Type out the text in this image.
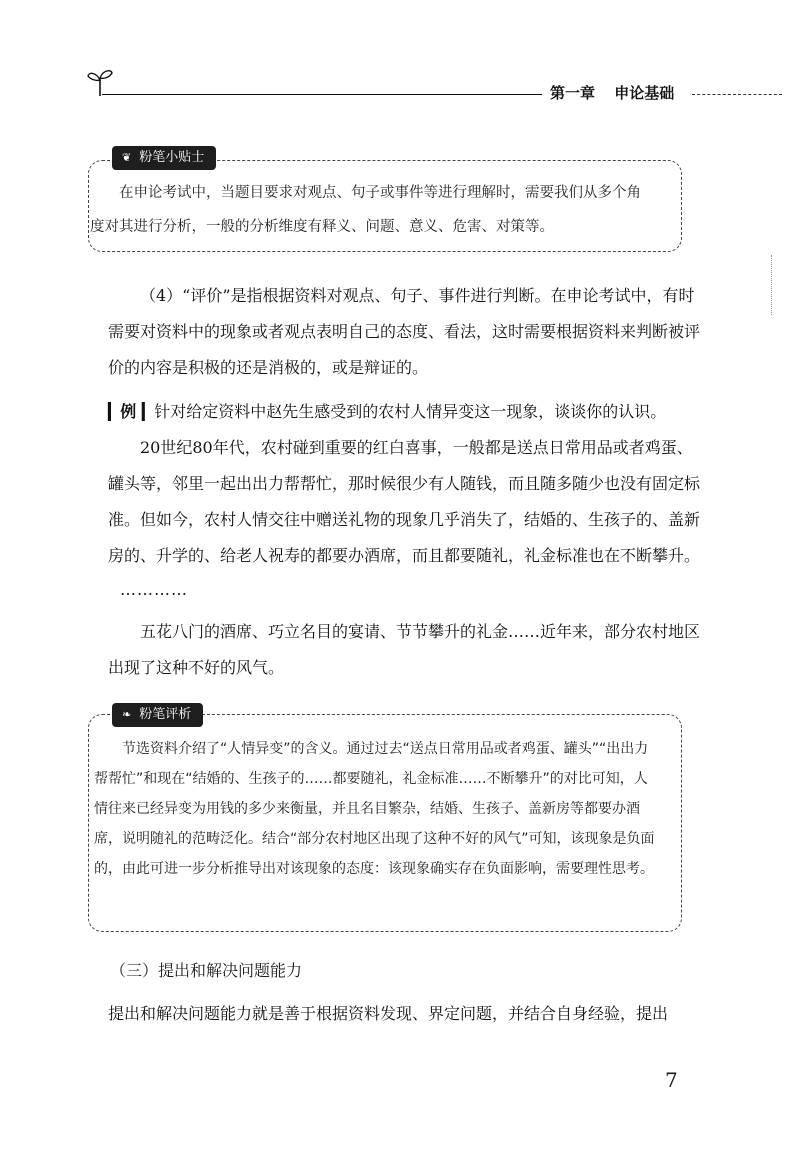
第一章 申论基础
❦ 粉笔小贴士

在申论考试中，当题目要求对观点、句子或事件等进行理解时，需要我们从多个角度对其进行分析，一般的分析维度有释义、问题、意义、危害、对策等。

（4）“评价”是指根据资料对观点、句子、事件进行判断。在申论考试中，有时需要对资料中的现象或者观点表明自己的态度、看法，这时需要根据资料来判断被评价的内容是积极的还是消极的，或是辩证的。

▎例 ▎针对给定资料中赵先生感受到的农村人情异变这一现象，谈谈你的认识。

20世纪80年代，农村碰到重要的红白喜事，一般都是送点日常用品或者鸡蛋、罐头等，邻里一起出出力帮帮忙，那时候很少有人随钱，而且随多随少也没有固定标准。但如今，农村人情交往中赠送礼物的现象几乎消失了，结婚的、生孩子的、盖新房的、升学的、给老人祝寿的都要办酒席，而且都要随礼，礼金标准也在不断攀升。

…………

五花八门的酒席、巧立名目的宴请、节节攀升的礼金……近年来，部分农村地区出现了这种不好的风气。

❧ 粉笔评析

节选资料介绍了“人情异变”的含义。通过过去“送点日常用品或者鸡蛋、罐头”“出出力帮帮忙”和现在“结婚的、生孩子的……都要随礼，礼金标准……不断攀升”的对比可知，人情往来已经异变为用钱的多少来衡量，并且名目繁杂，结婚、生孩子、盖新房等都要办酒席，说明随礼的范畴泛化。结合“部分农村地区出现了这种不好的风气”可知，该现象是负面的，由此可进一步分析推导出对该现象的态度：该现象确实存在负面影响，需要理性思考。

（三）提出和解决问题能力
提出和解决问题能力就是善于根据资料发现、界定问题，并结合自身经验，提出
7
